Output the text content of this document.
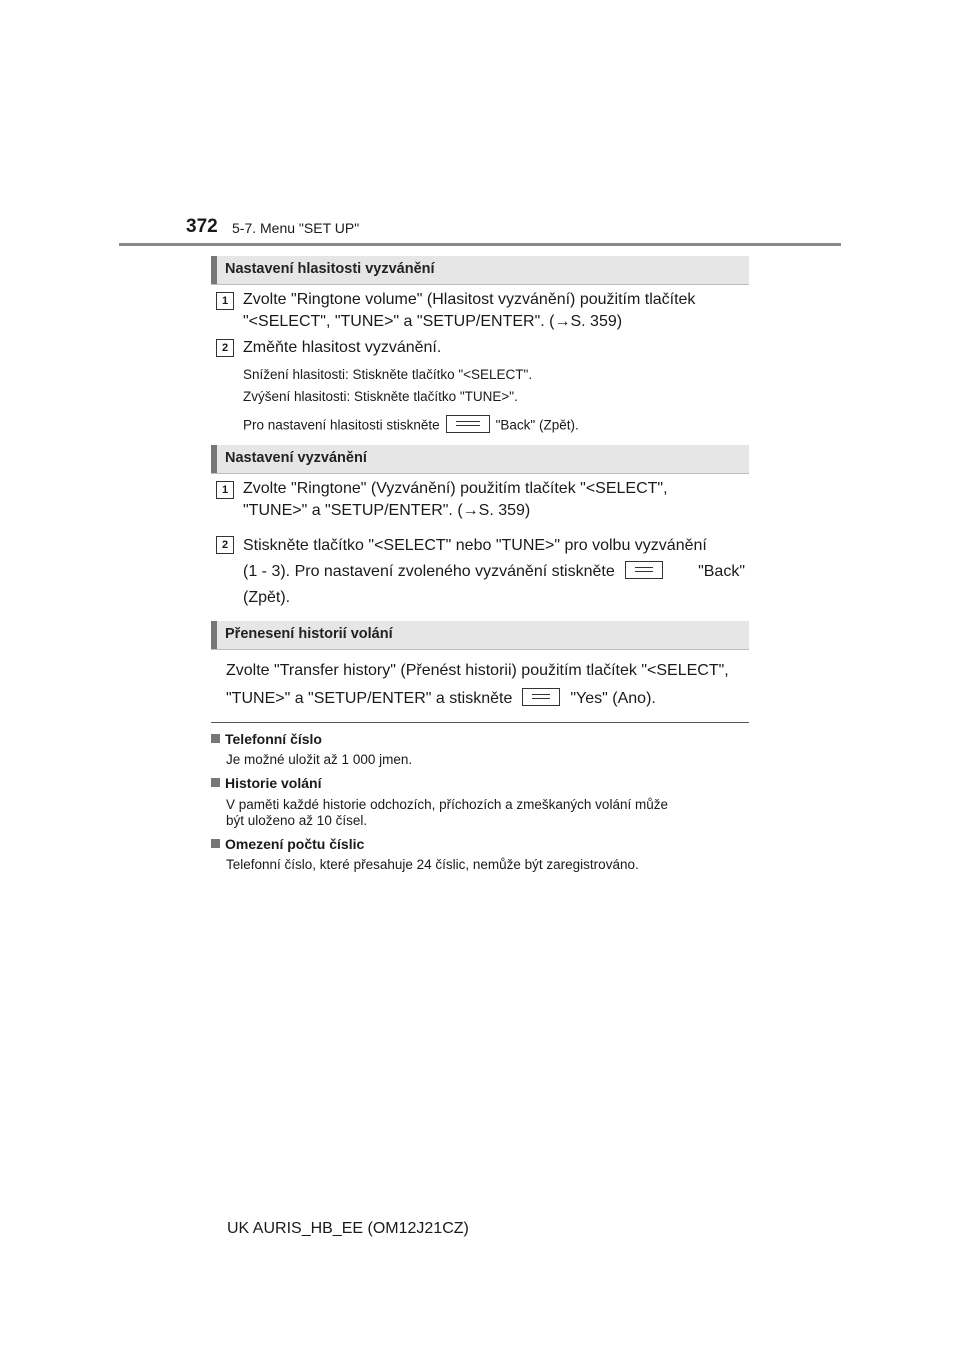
372 5-7. Menu "SET UP"
Nastavení hlasitosti vyzvánění
1 Zvolte "Ringtone volume" (Hlasitost vyzvánění) použitím tlačítek
"<SELECT", "TUNE>" a "SETUP/ENTER". (→S. 359)
2 Změňte hlasitost vyzvánění.
Snížení hlasitosti: Stiskněte tlačítko "<SELECT".
Zvýšení hlasitosti: Stiskněte tlačítko "TUNE>".
Pro nastavení hlasitosti stiskněte	"Back" (Zpět).
Nastavení vyzvánění
1 Zvolte "Ringtone" (Vyzvánění) použitím tlačítek "<SELECT",
"TUNE>" a "SETUP/ENTER". (→S. 359)
2 Stiskněte tlačítko "<SELECT" nebo "TUNE>" pro volbu vyzvánění
(1 - 3). Pro nastavení zvoleného vyzvánění stiskněte	"Back"
(Zpět).
Přenesení historií volání
Zvolte "Transfer history" (Přenést historii) použitím tlačítek "<SELECT",
"TUNE>" a "SETUP/ENTER" a stiskněte	"Yes" (Ano).
Telefonní číslo
Je možné uložit až 1 000 jmen.
Historie volání
V paměti každé historie odchozích, příchozích a zmeškaných volání může
být uloženo až 10 čísel.
Omezení počtu číslic
Telefonní číslo, které přesahuje 24 číslic, nemůže být zaregistrováno.
UK AURIS_HB_EE (OM12J21CZ)
